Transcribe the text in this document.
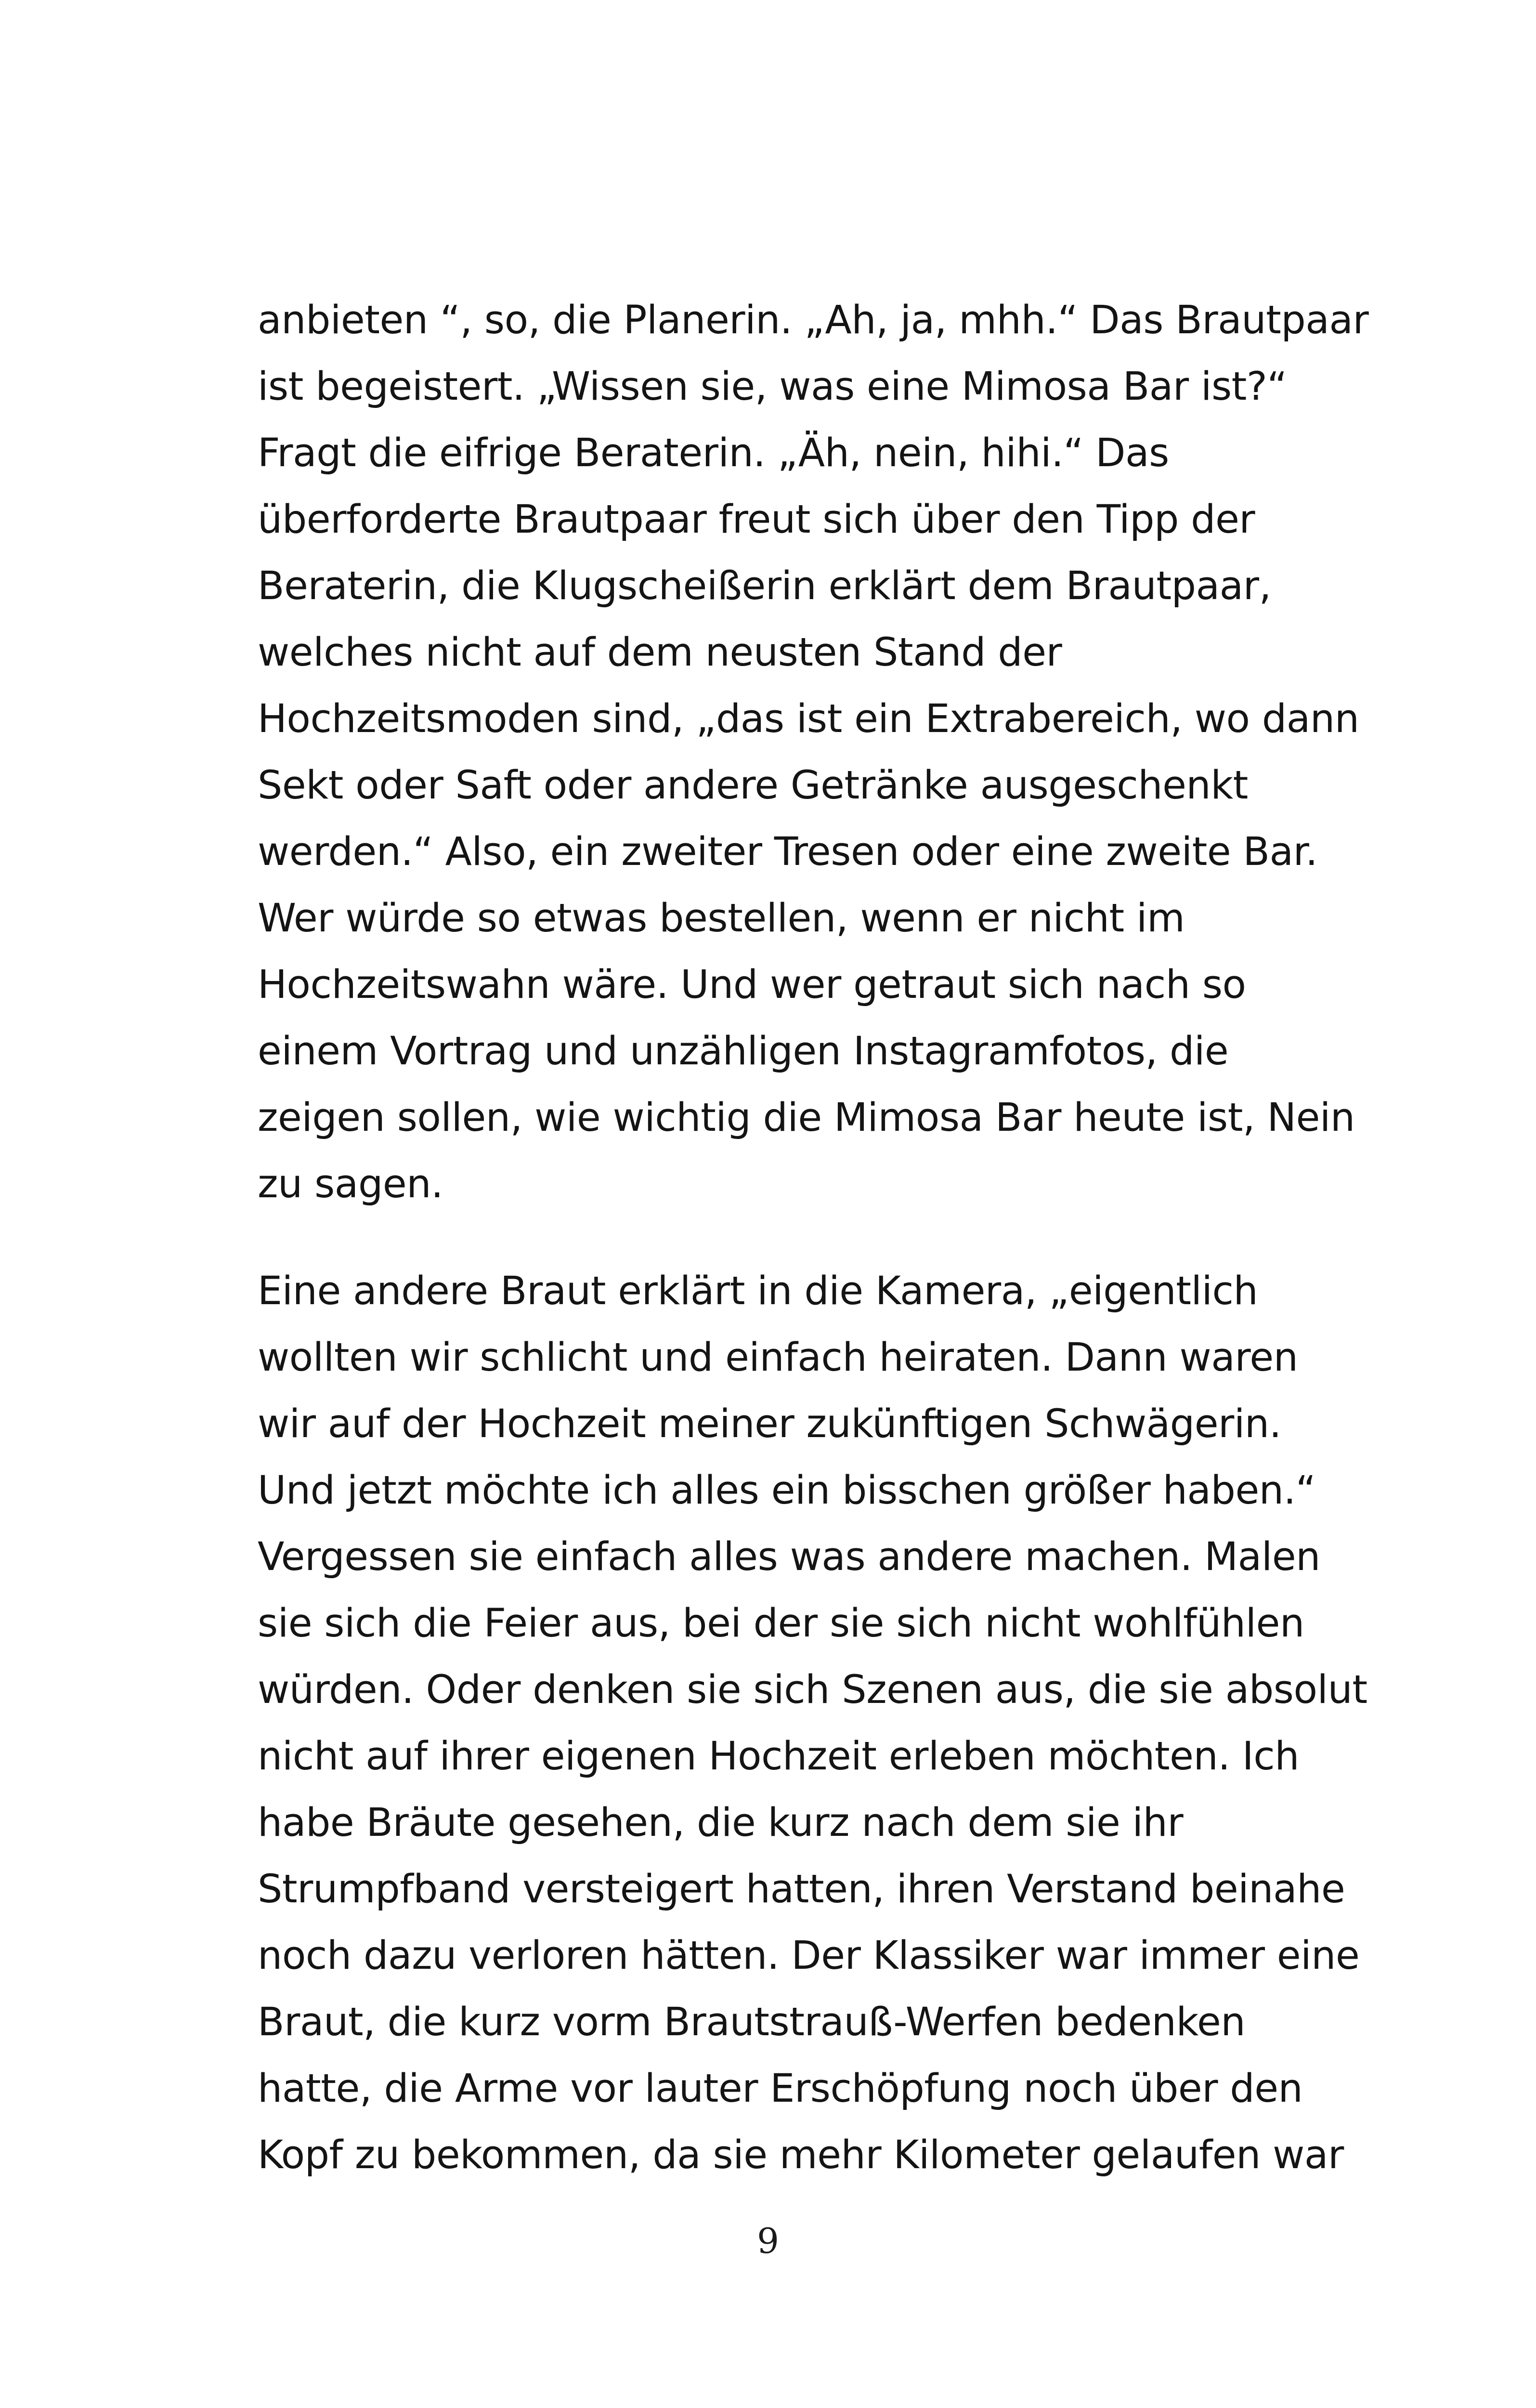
anbieten “, so, die Planerin. „Ah, ja, mhh.“ Das Brautpaar
ist begeistert. „Wissen sie, was eine Mimosa Bar ist?“
Fragt die eifrige Beraterin. „Äh, nein, hihi.“ Das
überforderte Brautpaar freut sich über den Tipp der
Beraterin, die Klugscheißerin erklärt dem Brautpaar,
welches nicht auf dem neusten Stand der
Hochzeitsmoden sind, „das ist ein Extrabereich, wo dann
Sekt oder Saft oder andere Getränke ausgeschenkt
werden.“ Also, ein zweiter Tresen oder eine zweite Bar.
Wer würde so etwas bestellen, wenn er nicht im
Hochzeitswahn wäre. Und wer getraut sich nach so
einem Vortrag und unzähligen Instagramfotos, die
zeigen sollen, wie wichtig die Mimosa Bar heute ist, Nein
zu sagen.

Eine andere Braut erklärt in die Kamera, „eigentlich
wollten wir schlicht und einfach heiraten. Dann waren
wir auf der Hochzeit meiner zukünftigen Schwägerin.
Und jetzt möchte ich alles ein bisschen größer haben.“
Vergessen sie einfach alles was andere machen. Malen
sie sich die Feier aus, bei der sie sich nicht wohlfühlen
würden. Oder denken sie sich Szenen aus, die sie absolut
nicht auf ihrer eigenen Hochzeit erleben möchten. Ich
habe Bräute gesehen, die kurz nach dem sie ihr
Strumpfband versteigert hatten, ihren Verstand beinahe
noch dazu verloren hätten. Der Klassiker war immer eine
Braut, die kurz vorm Brautstrauß-Werfen bedenken
hatte, die Arme vor lauter Erschöpfung noch über den
Kopf zu bekommen, da sie mehr Kilometer gelaufen war

9
